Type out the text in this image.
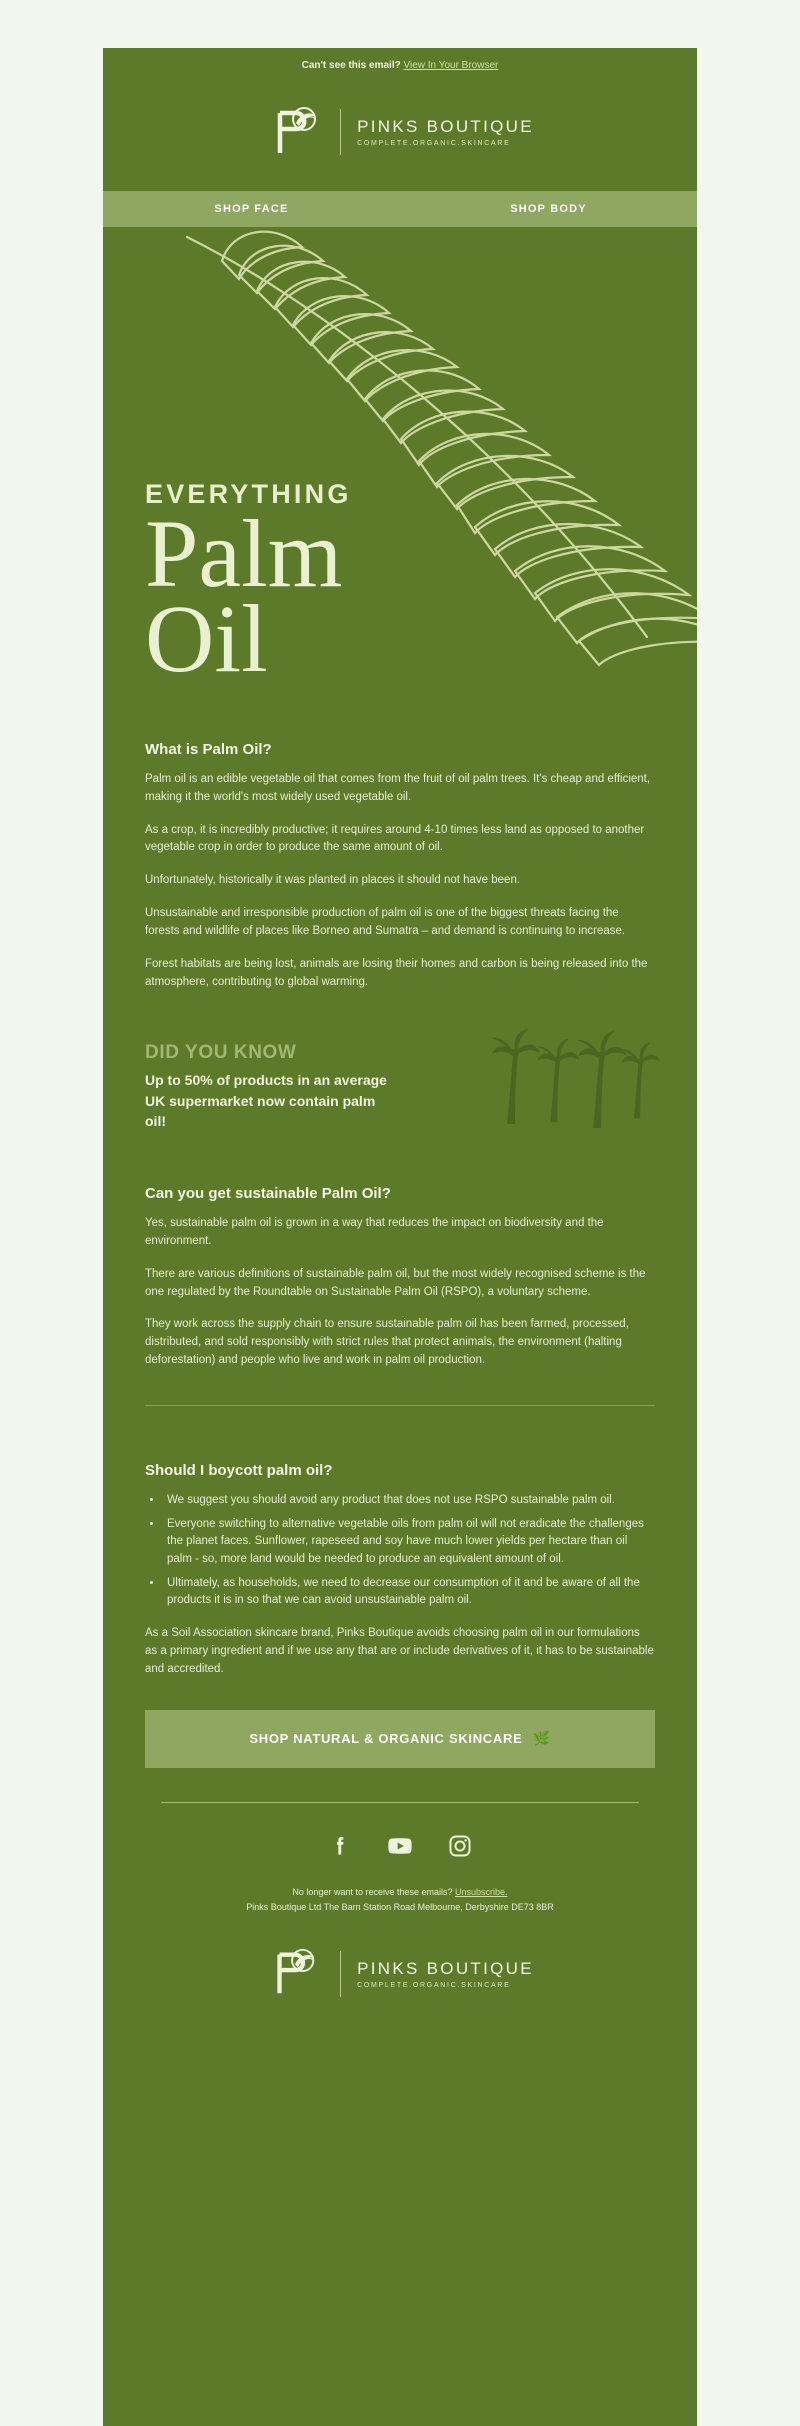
Can't see this email? View In Your Browser
PINKS BOUTIQUE
COMPLETE.ORGANIC.SKINCARE
SHOP FACE	SHOP BODY
EVERYTHING
Palm
Oil
What is Palm Oil?

Palm oil is an edible vegetable oil that comes from the fruit of oil palm trees. It's cheap and efficient, making it the world's most widely used vegetable oil.

As a crop, it is incredibly productive; it requires around 4-10 times less land as opposed to another vegetable crop in order to produce the same amount of oil.

Unfortunately, historically it was planted in places it should not have been.

Unsustainable and irresponsible production of palm oil is one of the biggest threats facing the forests and wildlife of places like Borneo and Sumatra – and demand is continuing to increase.

Forest habitats are being lost, animals are losing their homes and carbon is being released into the atmosphere, contributing to global warming.

DID YOU KNOW
Up to 50% of products in an average UK supermarket now contain palm oil!
Can you get sustainable Palm Oil?

Yes, sustainable palm oil is grown in a way that reduces the impact on biodiversity and the environment.

There are various definitions of sustainable palm oil, but the most widely recognised scheme is the one regulated by the Roundtable on Sustainable Palm Oil (RSPO), a voluntary scheme.

They work across the supply chain to ensure sustainable palm oil has been farmed, processed, distributed, and sold responsibly with strict rules that protect animals, the environment (halting deforestation) and people who live and work in palm oil production.

Should I boycott palm oil?
• We suggest you should avoid any product that does not use RSPO sustainable palm oil.
• Everyone switching to alternative vegetable oils from palm oil will not eradicate the challenges the planet faces. Sunflower, rapeseed and soy have much lower yields per hectare than oil palm - so, more land would be needed to produce an equivalent amount of oil.
• Ultimately, as households, we need to decrease our consumption of it and be aware of all the products it is in so that we can avoid unsustainable palm oil.

As a Soil Association skincare brand, Pinks Boutique avoids choosing palm oil in our formulations as a primary ingredient and if we use any that are or include derivatives of it, it has to be sustainable and accredited.

SHOP NATURAL & ORGANIC SKINCARE 🌿
No longer want to receive these emails? Unsubscribe.
Pinks Boutique Ltd The Barn Station Road Melbourne, Derbyshire DE73 8BR
PINKS BOUTIQUE
COMPLETE.ORGANIC.SKINCARE
